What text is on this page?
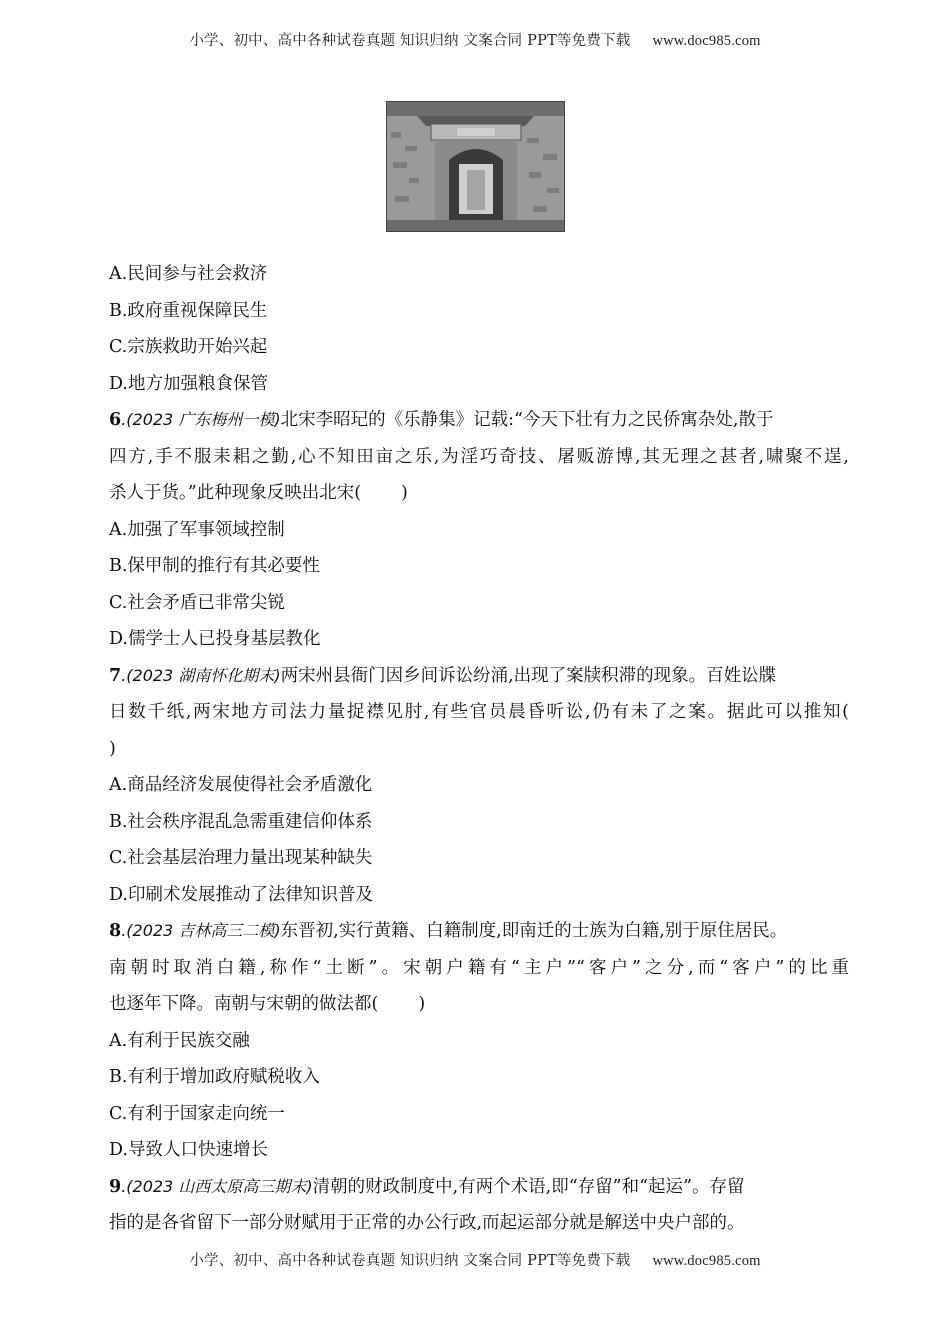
小学、初中、高中各种试卷真题 知识归纳 文案合同 PPT等免费下载 www.doc985.com
A.民间参与社会救济
B.政府重视保障民生
C.宗族救助开始兴起
D.地方加强粮食保管
6.(2023 广东梅州一模)北宋李昭玘的《乐静集》记载:“今天下壮有力之民侨寓杂处,散于
四方,手不服耒耜之勤,心不知田亩之乐,为淫巧奇技、屠贩游博,其无理之甚者,啸聚不逞,
杀人于货。”此种现象反映出北宋( )
A.加强了军事领域控制
B.保甲制的推行有其必要性
C.社会矛盾已非常尖锐
D.儒学士人已投身基层教化
7.(2023 湖南怀化期末)两宋州县衙门因乡间诉讼纷涌,出现了案牍积滞的现象。百姓讼牒
日数千纸,两宋地方司法力量捉襟见肘,有些官员晨昏听讼,仍有未了之案。据此可以推知(
)
A.商品经济发展使得社会矛盾激化
B.社会秩序混乱急需重建信仰体系
C.社会基层治理力量出现某种缺失
D.印刷术发展推动了法律知识普及
8.(2023 吉林高三二模)东晋初,实行黄籍、白籍制度,即南迁的士族为白籍,别于原住居民。
南朝时取消白籍,称作“土断”。宋朝户籍有“主户”“客户”之分,而“客户”的比重
也逐年下降。南朝与宋朝的做法都( )
A.有利于民族交融
B.有利于增加政府赋税收入
C.有利于国家走向统一
D.导致人口快速增长
9.(2023 山西太原高三期末)清朝的财政制度中,有两个术语,即“存留”和“起运”。存留
指的是各省留下一部分财赋用于正常的办公行政,而起运部分就是解送中央户部的。
小学、初中、高中各种试卷真题 知识归纳 文案合同 PPT等免费下载 www.doc985.com
